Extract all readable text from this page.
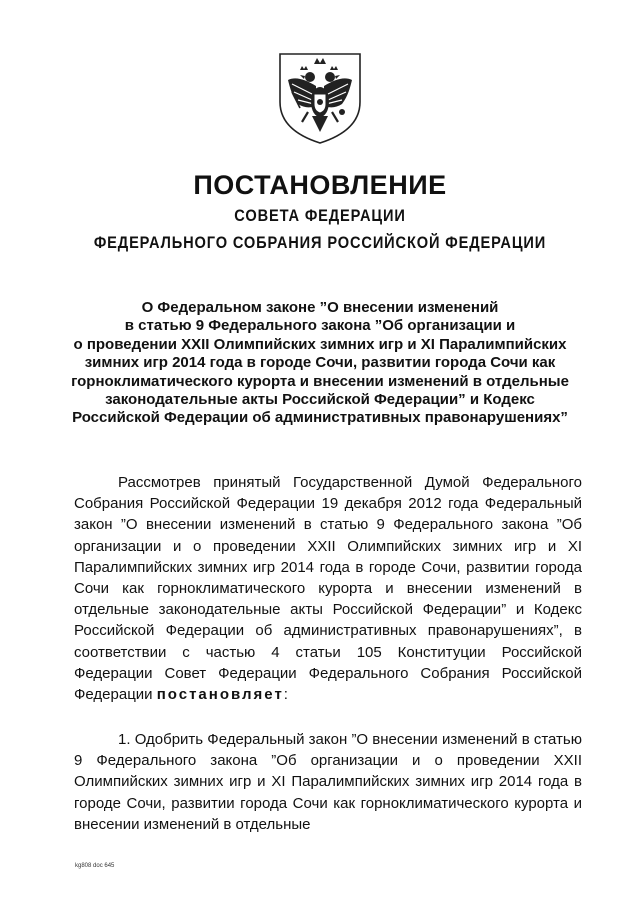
ПОСТАНОВЛЕНИЕ
СОВЕТА ФЕДЕРАЦИИ
ФЕДЕРАЛЬНОГО СОБРАНИЯ РОССИЙСКОЙ ФЕДЕРАЦИИ
О Федеральном законе ”О внесении изменений
в статью 9 Федерального закона ”Об организации и
о проведении XXII Олимпийских зимних игр и XI Паралимпийских
зимних игр 2014 года в городе Сочи, развитии города Сочи как
горноклиматического курорта и внесении изменений в отдельные
законодательные акты Российской Федерации” и Кодекс
Российской Федерации об административных правонарушениях”
Рассмотрев принятый Государственной Думой Федерального Собрания Российской Федерации 19 декабря 2012 года Федеральный закон ”О внесении изменений в статью 9 Федерального закона ”Об организации и о проведении XXII Олимпийских зимних игр и XI Паралимпийских зимних игр 2014 года в городе Сочи, развитии города Сочи как горноклиматического курорта и внесении изменений в отдельные законодательные акты Российской Федерации” и Кодекс Российской Федерации об административных правонарушениях”, в соответствии с частью 4 статьи 105 Конституции Российской Федерации Совет Федерации Федерального Собрания Российской Федерации постановляет:
1. Одобрить Федеральный закон ”О внесении изменений в статью 9 Федерального закона ”Об организации и о проведении XXII Олимпийских зимних игр и XI Паралимпийских зимних игр 2014 года в городе Сочи, развитии города Сочи как горноклиматического курорта и внесении изменений в отдельные
kg808 doc 645
